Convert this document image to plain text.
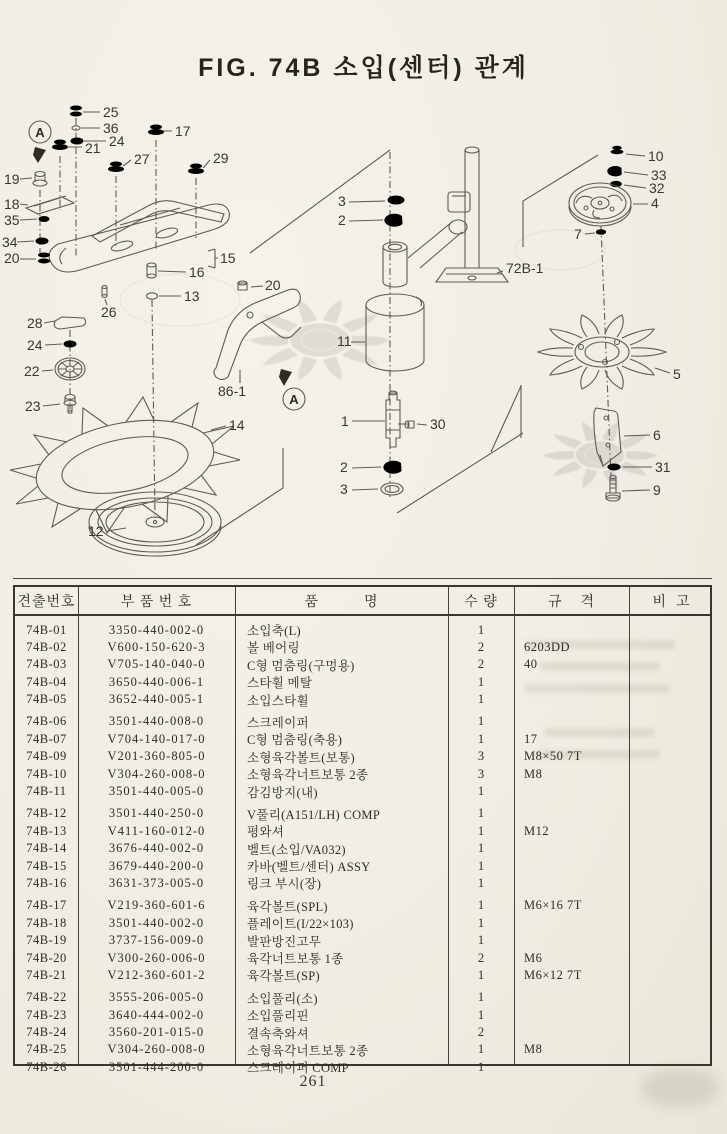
FIG. 74B 소입(센터) 관계
25
36
24
21
17
27	29
19
18
35
34
20	15
16
13
26
28
24
22
23
14
12
20
86-1
3
2
11
72B-1
1	30
2
3
10
33
32
4
7
5
6
31
9
A
A
견출번호	부 품 번 호	품          명	수 량	규    격	비  고
74B-01	3350-440-002-0	소입축(L)	1
74B-02	V600-150-620-3	볼 베어링	2	6203DD
74B-03	V705-140-040-0	C형 멈춤링(구멍용)	2	40
74B-04	3650-440-006-1	스타휠 메탈	1
74B-05	3652-440-005-1	소입스타휠	1
74B-06	3501-440-008-0	스크레이퍼	1
74B-07	V704-140-017-0	C형 멈춤링(축용)	1	17
74B-09	V201-360-805-0	소형육각볼트(보통)	3	M8×50 7T
74B-10	V304-260-008-0	소형육각너트보통 2종	3	M8
74B-11	3501-440-005-0	감김방지(내)	1
74B-12	3501-440-250-0	V풀리(A151/LH) COMP	1
74B-13	V411-160-012-0	평와셔	1	M12
74B-14	3676-440-002-0	벨트(소입/VA032)	1
74B-15	3679-440-200-0	카바(벨트/센터) ASSY	1
74B-16	3631-373-005-0	링크 부시(장)	1
74B-17	V219-360-601-6	육각볼트(SPL)	1	M6×16 7T
74B-18	3501-440-002-0	플레이트(I/22×103)	1
74B-19	3737-156-009-0	발판방진고무	1
74B-20	V300-260-006-0	육각너트보통 1종	2	M6
74B-21	V212-360-601-2	육각볼트(SP)	1	M6×12 7T
74B-22	3555-206-005-0	소입풀리(소)	1
74B-23	3640-444-002-0	소입풀리핀	1
74B-24	3560-201-015-0	결속축와셔	2
74B-25	V304-260-008-0	소형육각너트보통 2종	1	M8
74B-26	3501-444-200-0	스크레이퍼 COMP	1
261
